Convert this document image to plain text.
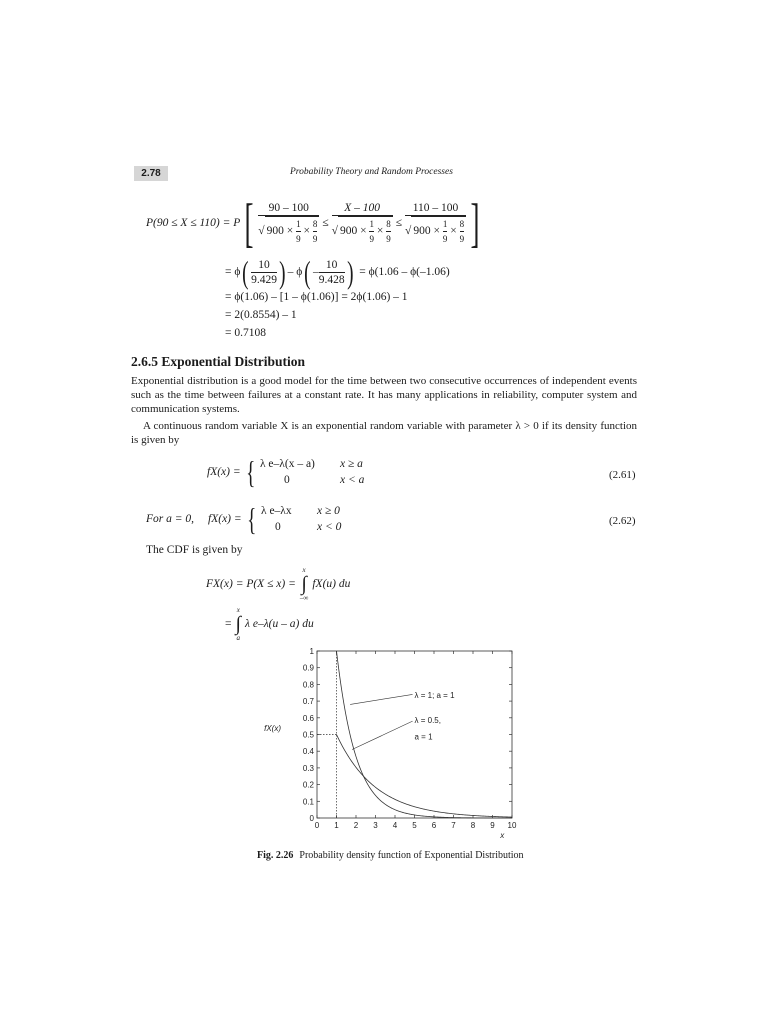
2.78	Probability Theory and Random Processes
P(90 ≤ X ≤ 110) = P [ $\frac{90 - 100}{√ 900 \times \frac{1}{9} \times \frac{8}{9}} \le \frac{X - 100}{√ 900 \times \frac{1}{9} \times \frac{8}{9}} \le \frac{110 - 100}{√ 900 \times \frac{1}{9} \times \frac{8}{9}}$ ]
= ϕ ( $\frac{10}{9.429}$ ) – ϕ ( – $\frac{10}{9.428}$ ) = ϕ(1.06 – ϕ(–1.06)
= ϕ(1.06) – [1 – ϕ(1.06)] = 2ϕ(1.06) – 1
= 2(0.8554) – 1
= 0.7108
2.6.5 Exponential Distribution
Exponential distribution is a good model for the time between two consecutive occurrences of independent events such as the time between failures at a constant rate. It has many applications in reliability, computer system and communication systems.
A continuous random variable X is an exponential random variable with parameter λ > 0 if its density function is given by
fX(x) = { λ e–λ(x – a)	x ≥ a
0	x < a	(2.61)
For a = 0, fX(x) = { λ e–λx	x ≥ 0
0	x < 0	(2.62)
The CDF is given by
FX(x) = P(X ≤ x) =
x
∫
–∞
fX(u) du
=
x
∫
a
λ e–λ(u – a) du
0 1 2 3 4 5 6 7 8 9 10
0
0.1
0.2
0.3
0.4
0.5
0.6
0.7
0.8
0.9
1
x
fX(x)
λ = 1; a = 1
λ = 0.5,
a = 1
Fig. 2.26 Probability density function of Exponential Distribution
